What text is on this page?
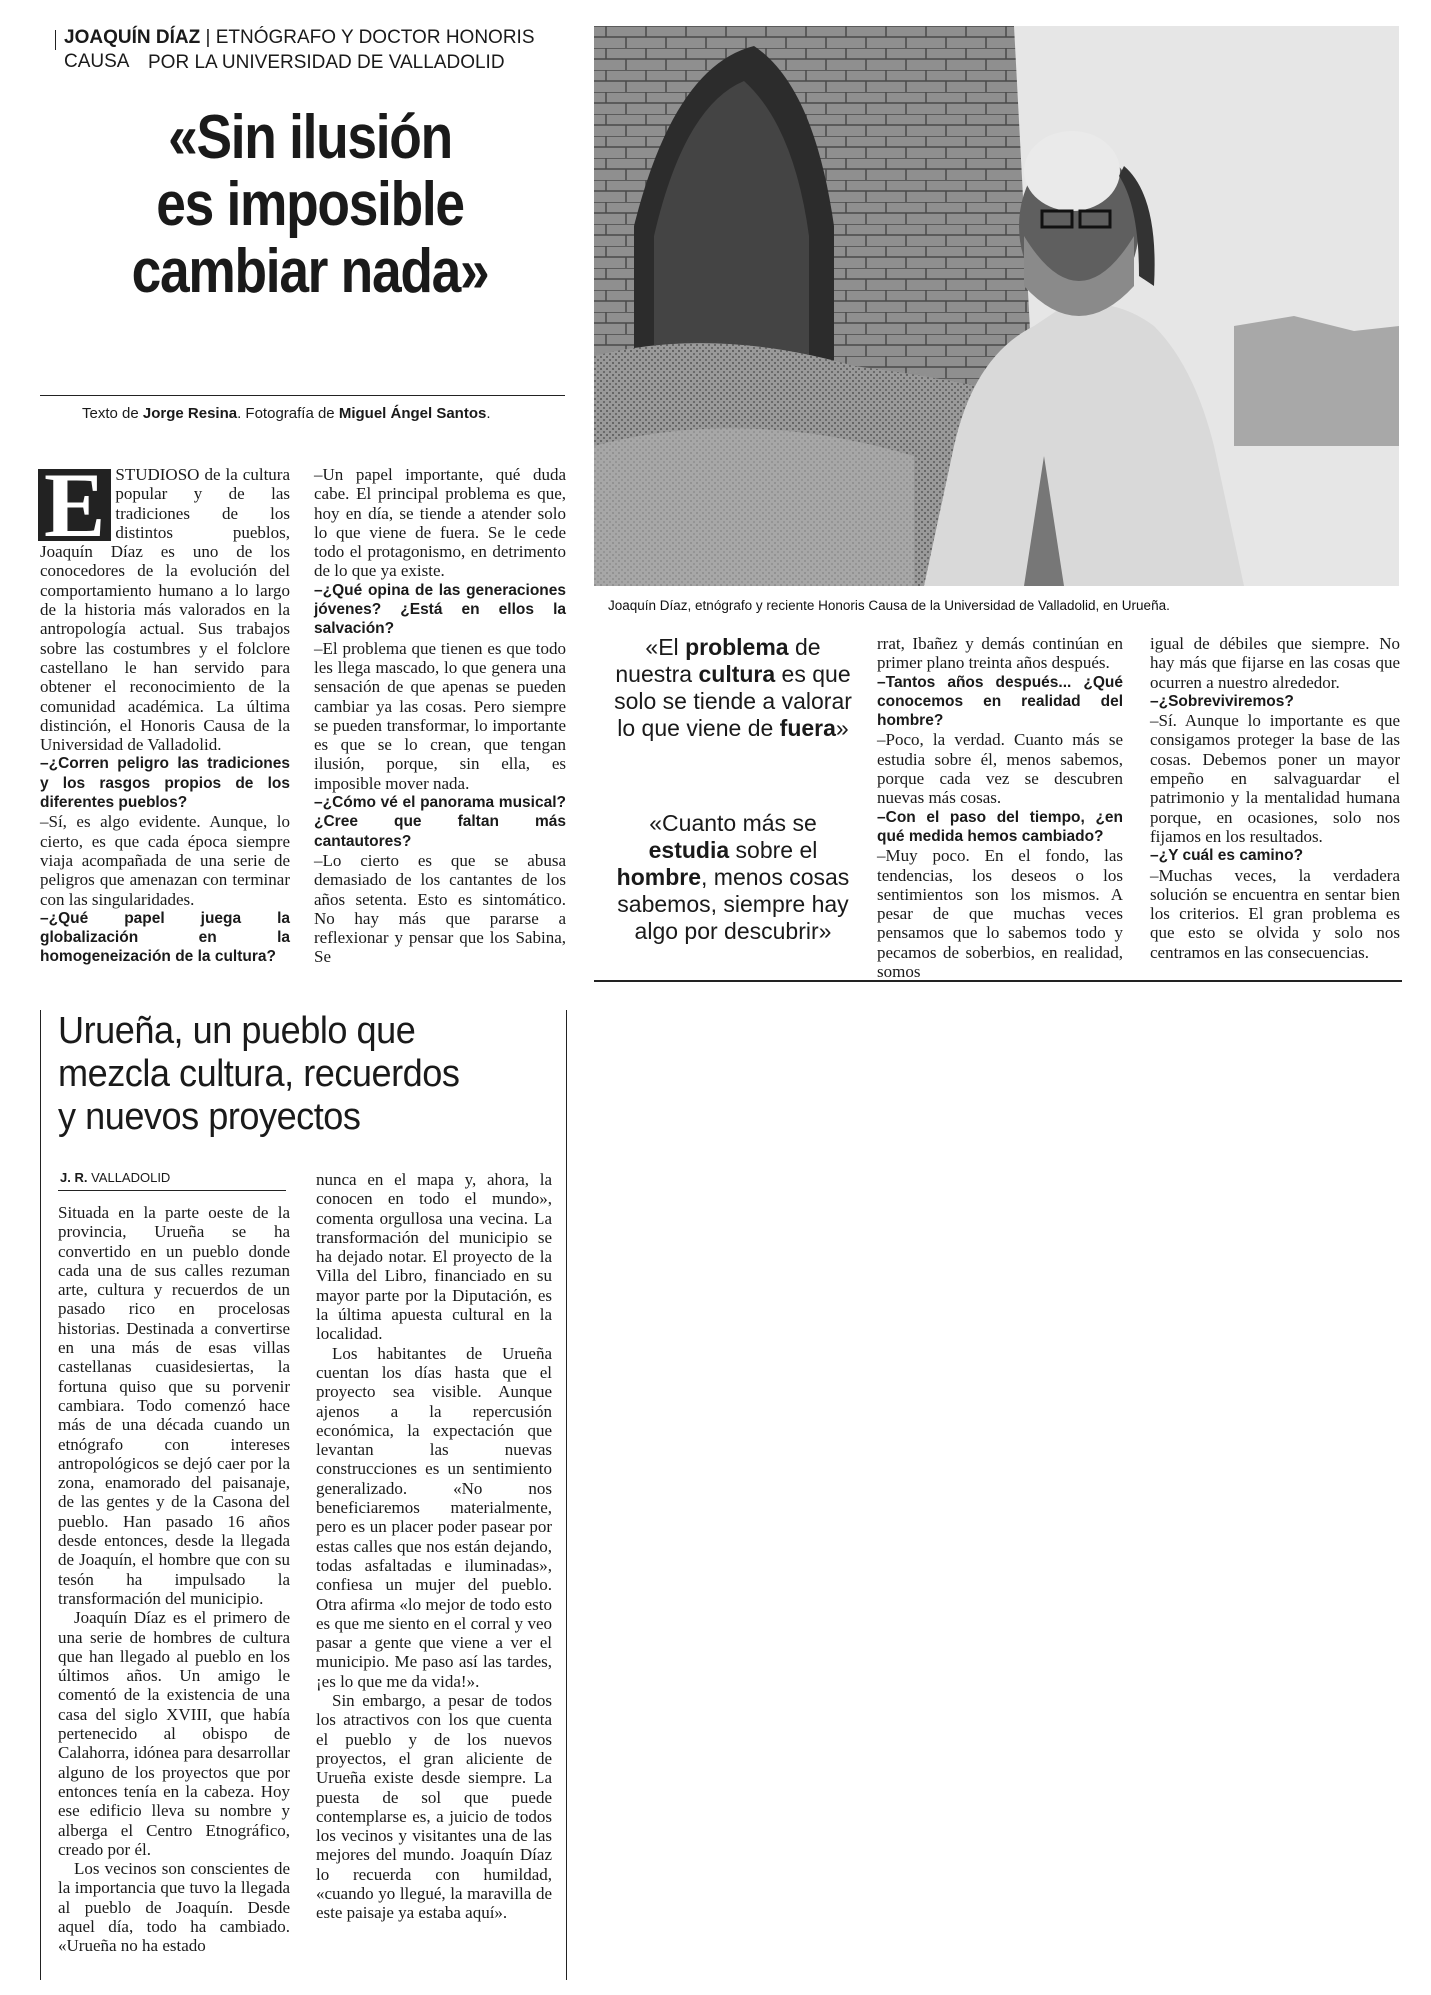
JOAQUÍN DÍAZ | ETNÓGRAFO Y DOCTOR HONORIS CAUSA POR LA UNIVERSIDAD DE VALLADOLID
«Sin ilusión
es imposible
cambiar nada»
Texto de Jorge Resina. Fotografía de Miguel Ángel Santos.
Joaquín Díaz, etnógrafo y reciente Honoris Causa de la Universidad de Valladolid, en Urueña.

E STUDIOSO de la cultura popular y de las tradiciones de los distintos pueblos, Joaquín Díaz es uno de los conocedores de la evolución del comportamiento humano a lo largo de la historia más valorados en la antropología actual. Sus trabajos sobre las costumbres y el folclore castellano le han servido para obtener el reconocimiento de la comunidad académica. La última distinción, el Honoris Causa de la Universidad de Valladolid.

–¿Corren peligro las tradiciones y los rasgos propios de los diferentes pueblos?

–Sí, es algo evidente. Aunque, lo cierto, es que cada época siempre viaja acompañada de una serie de peligros que amenazan con terminar con las singularidades.

–¿Qué papel juega la globalización en la homogeneización de la cultura?

–Un papel importante, qué duda cabe. El principal problema es que, hoy en día, se tiende a atender solo lo que viene de fuera. Se le cede todo el protagonismo, en detrimento de lo que ya existe.

–¿Qué opina de las generaciones jóvenes? ¿Está en ellos la salvación?

–El problema que tienen es que todo les llega mascado, lo que genera una sensación de que apenas se pueden cambiar ya las cosas. Pero siempre se pueden transformar, lo importante es que se lo crean, que tengan ilusión, porque, sin ella, es imposible mover nada.

–¿Cómo vé el panorama musical? ¿Cree que faltan más cantautores?

–Lo cierto es que se abusa demasiado de los cantantes de los años setenta. Esto es sintomático. No hay más que pararse a reflexionar y pensar que los Sabina, Se

«El problema de nuestra cultura es que solo se tiende a valorar lo que viene de fuera»
«Cuanto más se estudia sobre el hombre, menos cosas sabemos, siempre hay algo por descubrir»

rrat, Ibañez y demás continúan en primer plano treinta años después.

–Tantos años después... ¿Qué conocemos en realidad del hombre?

–Poco, la verdad. Cuanto más se estudia sobre él, menos sabemos, porque cada vez se descubren nuevas más cosas.

–Con el paso del tiempo, ¿en qué medida hemos cambiado?

–Muy poco. En el fondo, las tendencias, los deseos o los sentimientos son los mismos. A pesar de que muchas veces pensamos que lo sabemos todo y pecamos de soberbios, en realidad, somos

igual de débiles que siempre. No hay más que fijarse en las cosas que ocurren a nuestro alrededor.

–¿Sobreviviremos?

–Sí. Aunque lo importante es que consigamos proteger la base de las cosas. Debemos poner un mayor empeño en salvaguardar el patrimonio y la mentalidad humana porque, en ocasiones, solo nos fijamos en los resultados.

–¿Y cuál es camino?

–Muchas veces, la verdadera solución se encuentra en sentar bien los criterios. El gran problema es que esto se olvida y solo nos centramos en las consecuencias.

Urueña, un pueblo que
mezcla cultura, recuerdos
y nuevos proyectos
J. R. VALLADOLID

Situada en la parte oeste de la provincia, Urueña se ha convertido en un pueblo donde cada una de sus calles rezuman arte, cultura y recuerdos de un pasado rico en procelosas historias. Destinada a convertirse en una más de esas villas castellanas cuasidesiertas, la fortuna quiso que su porvenir cambiara. Todo comenzó hace más de una década cuando un etnógrafo con intereses antropológicos se dejó caer por la zona, enamorado del paisanaje, de las gentes y de la Casona del pueblo. Han pasado 16 años desde entonces, desde la llegada de Joaquín, el hombre que con su tesón ha impulsado la transformación del municipio.

Joaquín Díaz es el primero de una serie de hombres de cultura que han llegado al pueblo en los últimos años. Un amigo le comentó de la existencia de una casa del siglo XVIII, que había pertenecido al obispo de Calahorra, idónea para desarrollar alguno de los proyectos que por entonces tenía en la cabeza. Hoy ese edificio lleva su nombre y alberga el Centro Etnográfico, creado por él.

Los vecinos son conscientes de la importancia que tuvo la llegada al pueblo de Joaquín. Desde aquel día, todo ha cambiado. «Urueña no ha estado

nunca en el mapa y, ahora, la conocen en todo el mundo», comenta orgullosa una vecina. La transformación del municipio se ha dejado notar. El proyecto de la Villa del Libro, financiado en su mayor parte por la Diputación, es la última apuesta cultural en la localidad.

Los habitantes de Urueña cuentan los días hasta que el proyecto sea visible. Aunque ajenos a la repercusión económica, la expectación que levantan las nuevas construcciones es un sentimiento generalizado. «No nos beneficiaremos materialmente, pero es un placer poder pasear por estas calles que nos están dejando, todas asfaltadas e iluminadas», confiesa un mujer del pueblo. Otra afirma «lo mejor de todo esto es que me siento en el corral y veo pasar a gente que viene a ver el municipio. Me paso así las tardes, ¡es lo que me da vida!».

Sin embargo, a pesar de todos los atractivos con los que cuenta el pueblo y de los nuevos proyectos, el gran aliciente de Urueña existe desde siempre. La puesta de sol que puede contemplarse es, a juicio de todos los vecinos y visitantes una de las mejores del mundo. Joaquín Díaz lo recuerda con humildad, «cuando yo llegué, la maravilla de este paisaje ya estaba aquí».
